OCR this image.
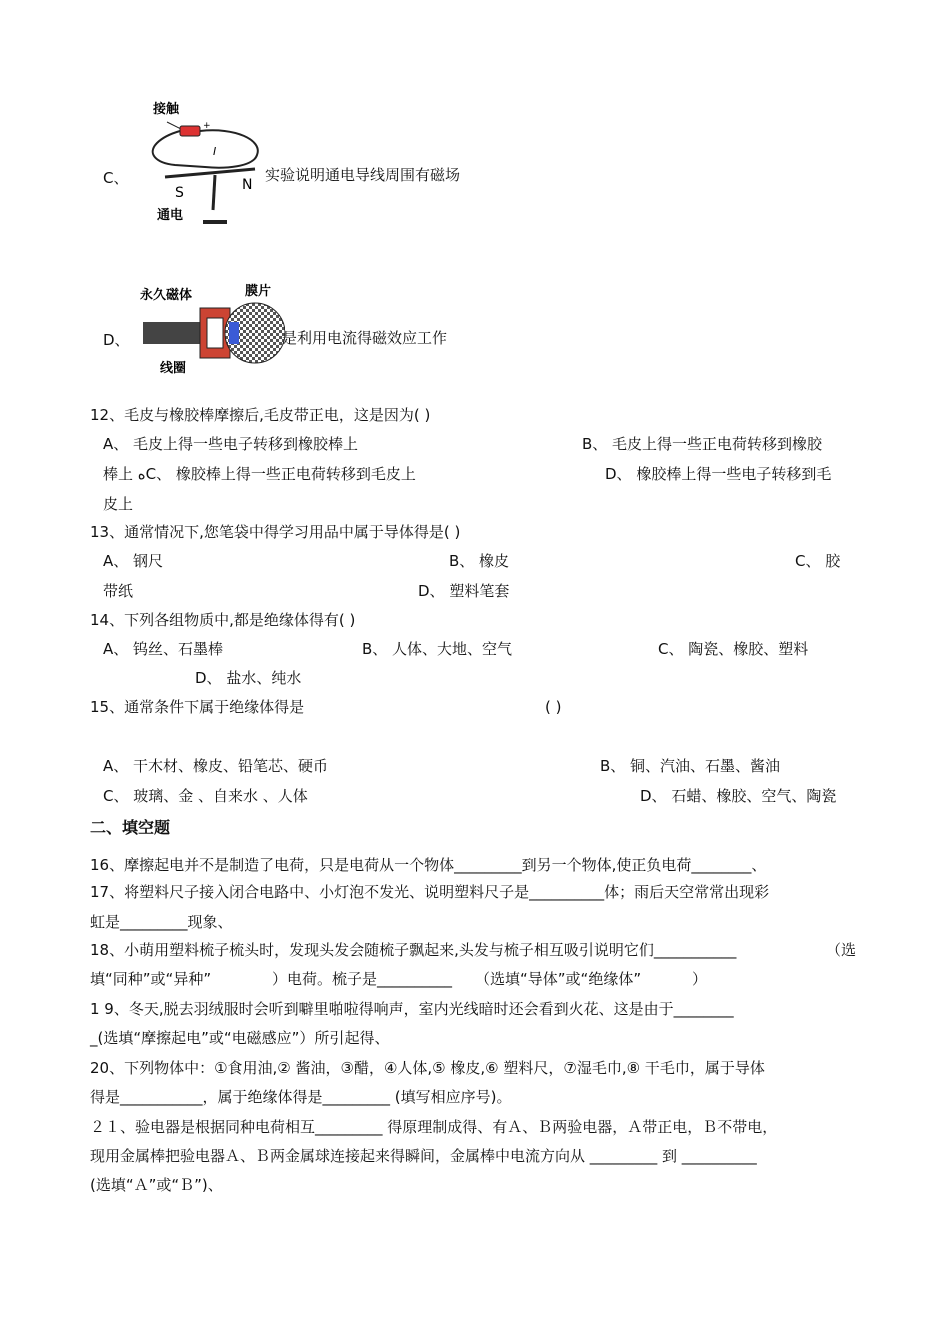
C、
接触
+
I
S	N
通电
实验说明通电导线周围有磁场
D、
永久磁体	膜片
线圈
是利用电流得磁效应工作
12、毛皮与橡胶棒摩擦后,毛皮带正电，这是因为( )
A、 毛皮上得一些电子转移到橡胶棒上	B、 毛皮上得一些正电荷转移到橡胶
棒上 ﻩC、 橡胶棒上得一些正电荷转移到毛皮上	D、 橡胶棒上得一些电子转移到毛
皮上
13、通常情况下,您笔袋中得学习用品中属于导体得是( )
A、 钢尺	B、 橡皮	C、 胶
带纸	D、 塑料笔套
14、下列各组物质中,都是绝缘体得有( )
A、 钨丝、石墨棒	B、 人体、大地、空气	C、 陶瓷、橡胶、塑料
D、 盐水、纯水
15、通常条件下属于绝缘体得是	( )
A、 干木材、橡皮、铅笔芯、硬币	B、 铜、汽油、石墨、酱油
C、 玻璃、金 、自来水 、人体	D、 石蜡、橡胶、空气、陶瓷
二、填空题
16、摩擦起电并不是制造了电荷，只是电荷从一个物体_________到另一个物体,使正负电荷________、
17、将塑料尺子接入闭合电路中、小灯泡不发光、说明塑料尺子是__________体；雨后天空常常出现彩
虹是_________现象、
18、小萌用塑料梳子梳头时，发现头发会随梳子飘起来,头发与梳子相互吸引说明它们___________	（选
填“同种”或“异种”	）电荷。梳子是__________ （选填“导体”或“绝缘体”	）
1 9、冬天,脱去羽绒服时会听到噼里啪啦得响声，室内光线暗时还会看到火花、这是由于________
_(选填“摩擦起电”或“电磁感应”）所引起得、
20、下列物体中：①食用油,② 酱油，③醋，④人体,⑤ 橡皮,⑥ 塑料尺，⑦湿毛巾,⑧ 干毛巾，属于导体
得是___________，属于绝缘体得是_________ (填写相应序号)。
２１、验电器是根据同种电荷相互_________ 得原理制成得、有Ａ、Ｂ两验电器，Ａ带正电，Ｂ不带电，
现用金属棒把验电器Ａ、Ｂ两金属球连接起来得瞬间，金属棒中电流方向从 _________ 到 __________
(选填“Ａ”或“Ｂ”)、
